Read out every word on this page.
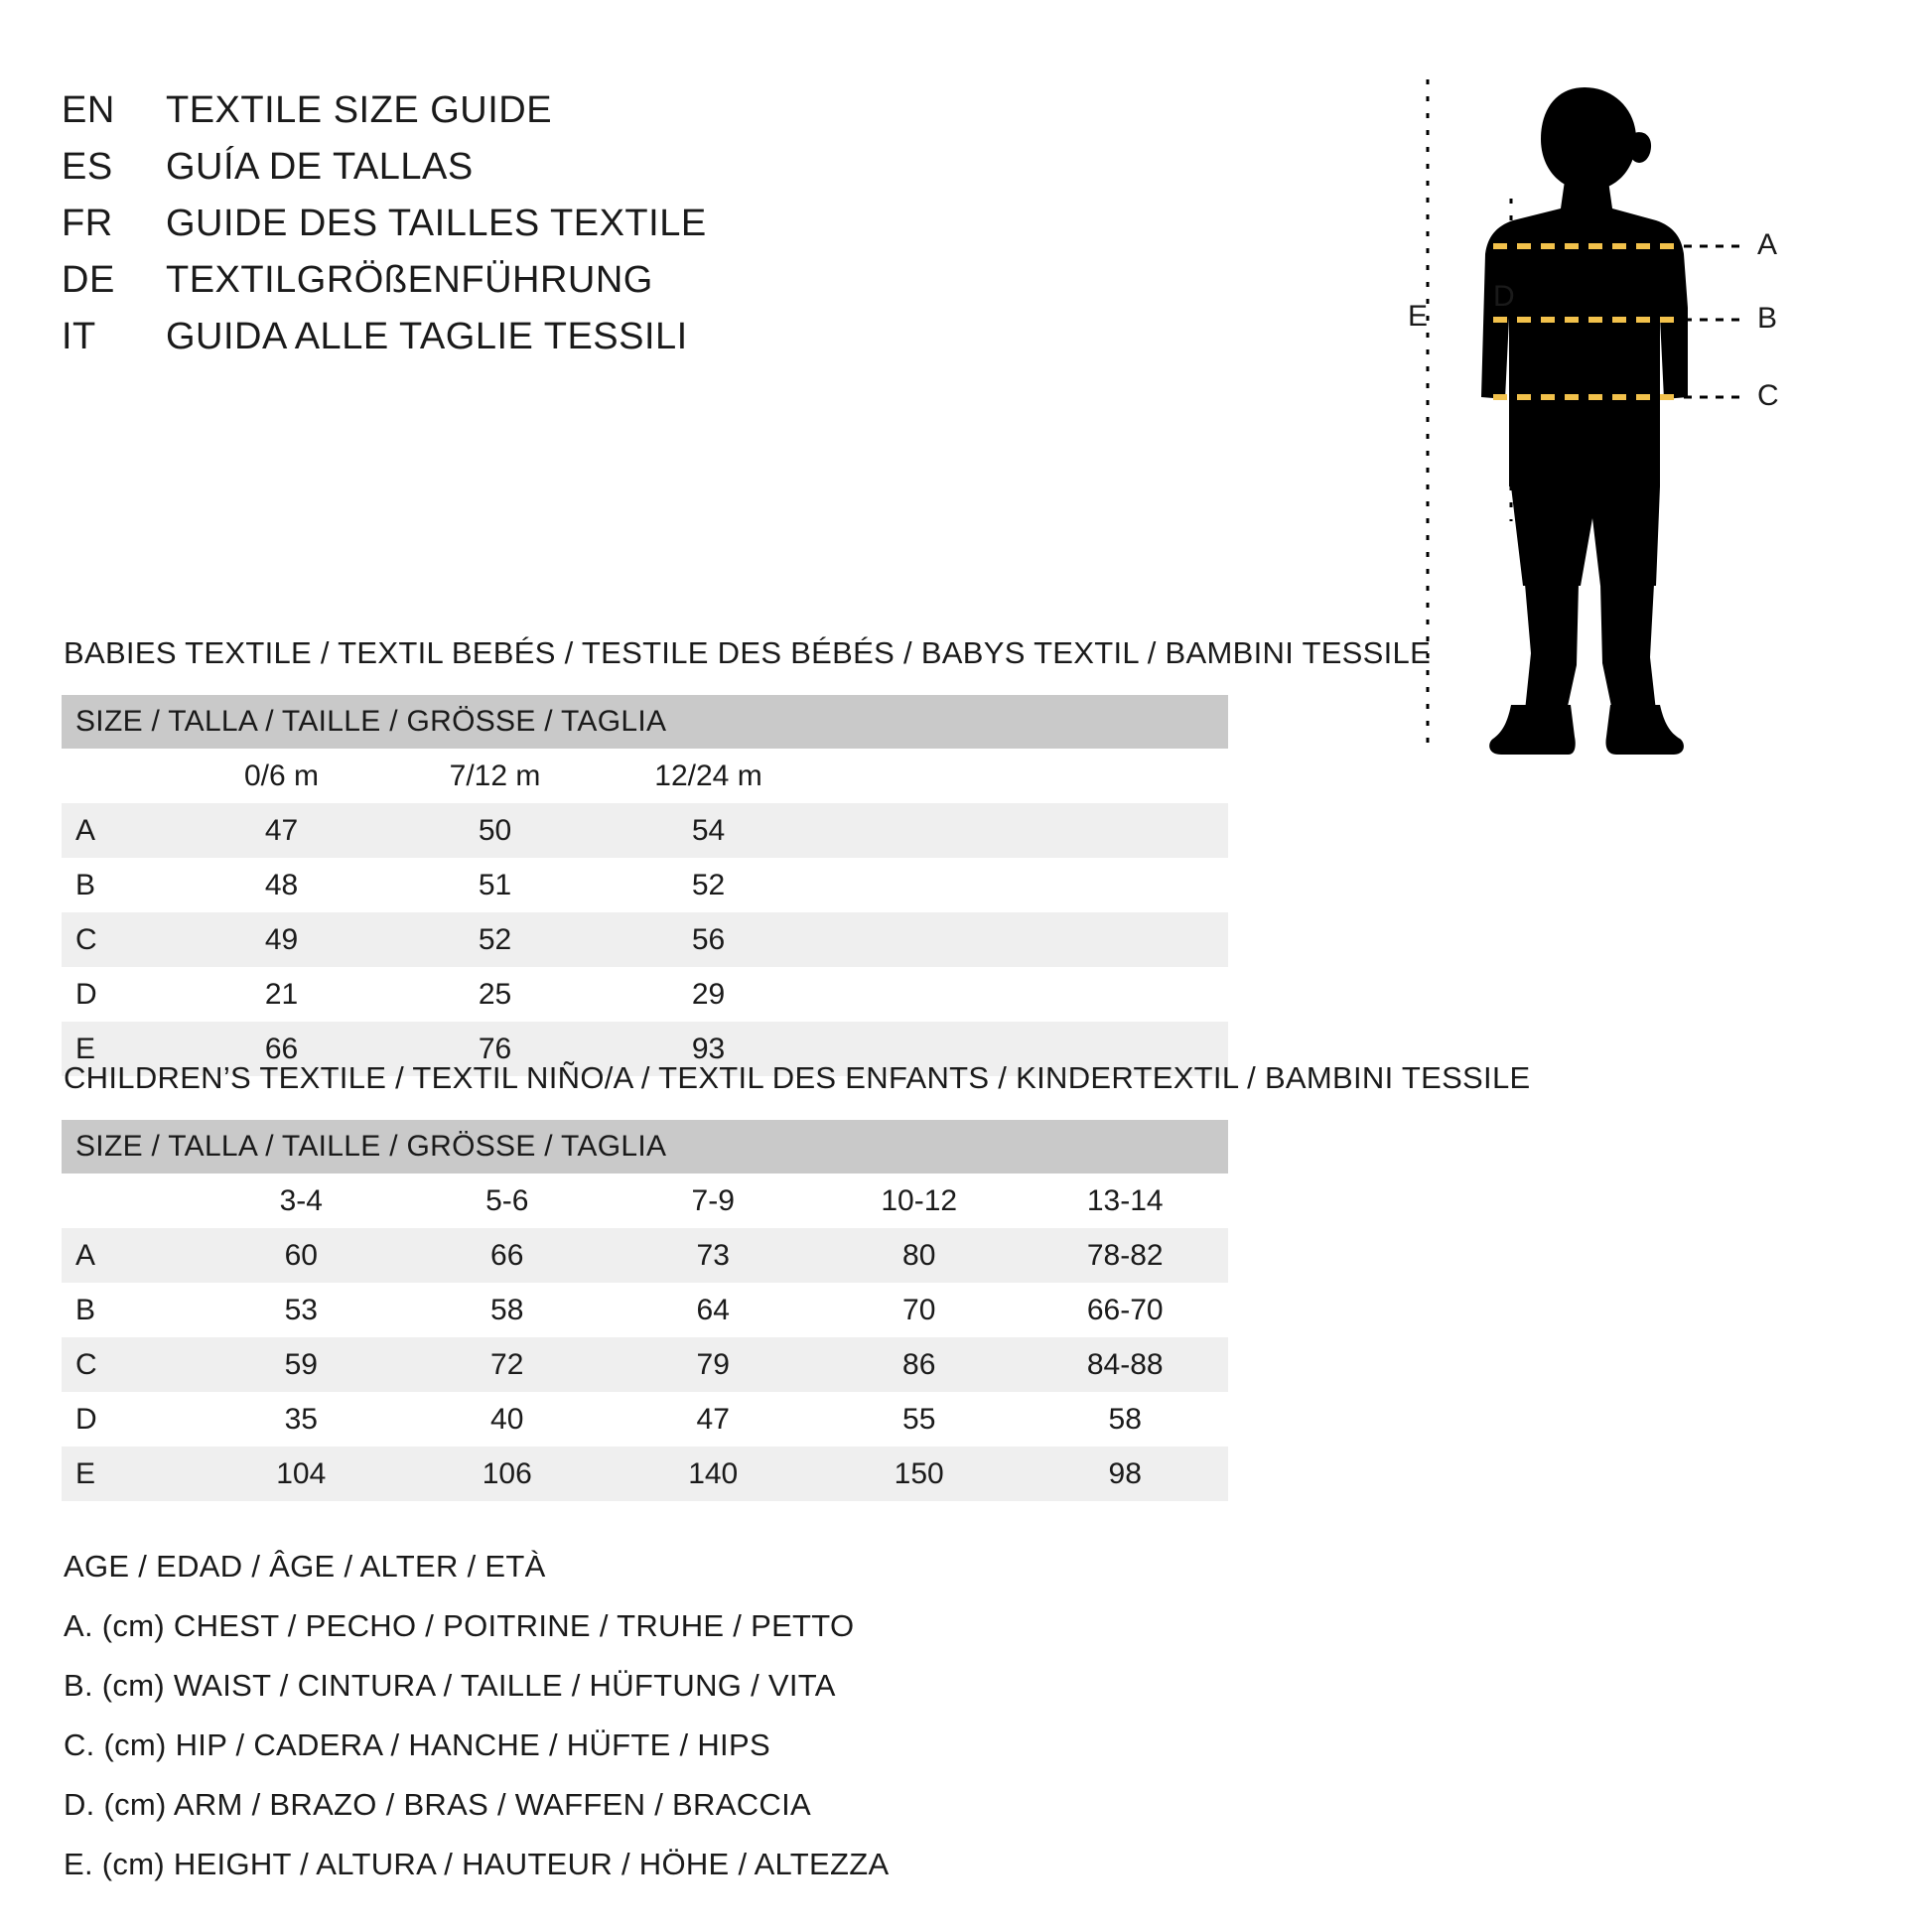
EN	TEXTILE SIZE GUIDE
ES	GUÍA DE TALLAS
FR	GUIDE DES TAILLES TEXTILE
DE	TEXTILGRÖßENFÜHRUNG
IT	GUIDA ALLE TAGLIE TESSILI
A
B
C
D
E
BABIES TEXTILE / TEXTIL BEBÉS / TESTILE DES BÉBÉS / BABYS TEXTIL / BAMBINI TESSILE
SIZE / TALLA / TAILLE / GRÖSSE / TAGLIA				
	0/6 m	7/12 m	12/24 m	
A	47	50	54	
B	48	51	52	
C	49	52	56	
D	21	25	29	
E	66	76	93	
CHILDREN’S TEXTILE / TEXTIL NIÑO/A / TEXTIL DES ENFANTS / KINDERTEXTIL / BAMBINI TESSILE
SIZE / TALLA / TAILLE / GRÖSSE / TAGLIA					
	3-4	5-6	7-9	10-12	13-14
A	60	66	73	80	78-82
B	53	58	64	70	66-70
C	59	72	79	86	84-88
D	35	40	47	55	58
E	104	106	140	150	98
AGE / EDAD / ÂGE / ALTER / ETÀ
A. (cm) CHEST / PECHO / POITRINE / TRUHE / PETTO
B. (cm) WAIST / CINTURA / TAILLE / HÜFTUNG / VITA
C. (cm) HIP / CADERA / HANCHE / HÜFTE / HIPS
D. (cm) ARM / BRAZO / BRAS / WAFFEN / BRACCIA
E. (cm) HEIGHT / ALTURA / HAUTEUR / HÖHE / ALTEZZA
